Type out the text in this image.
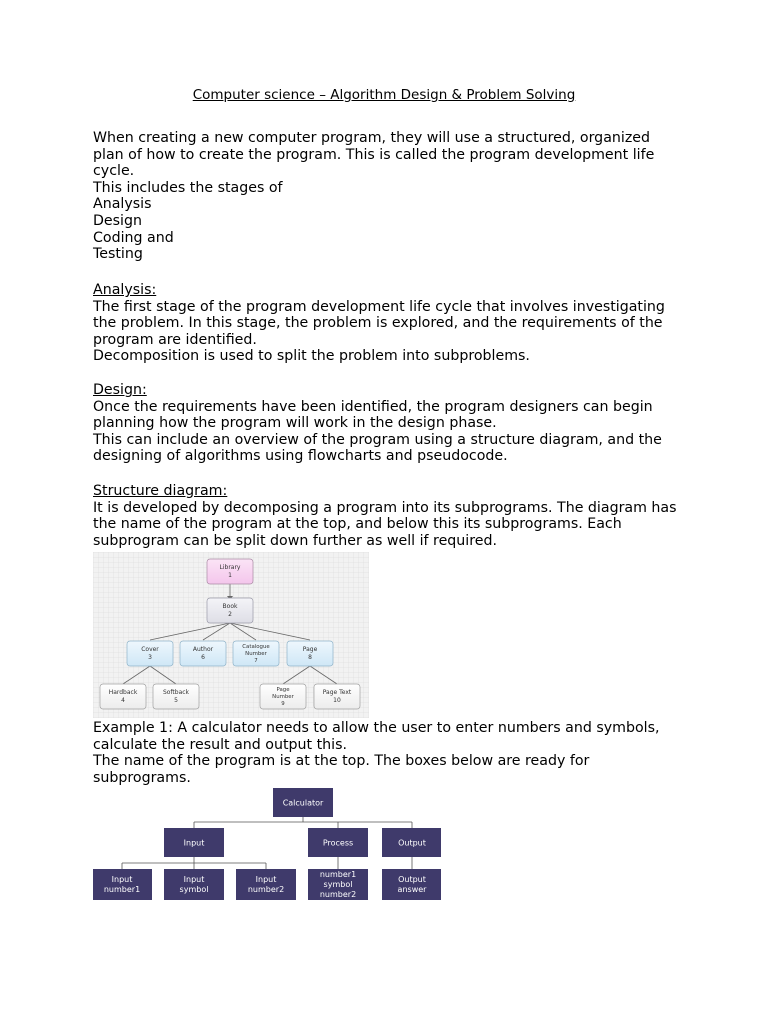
Computer science – Algorithm Design & Problem Solving

When creating a new computer program, they will use a structured, organized plan of how to create the program. This is called the program development life cycle.

This includes the stages of

Analysis

Design

Coding and

Testing

Analysis:

The first stage of the program development life cycle that involves investigating the problem. In this stage, the problem is explored, and the requirements of the program are identified.

Decomposition is used to split the problem into subproblems.

Design:

Once the requirements have been identified, the program designers can begin planning how the program will work in the design phase.

This can include an overview of the program using a structure diagram, and the designing of algorithms using flowcharts and pseudocode.

Structure diagram:

It is developed by decomposing a program into its subprograms. The diagram has the name of the program at the top, and below this its subprograms. Each subprogram can be split down further as well if required.

Library
1
Book
2
Cover
3
Author
6
Catalogue
Number
7
Page
8
Hardback
4
Softback
5
Page
Number
9
Page Text
10

Example 1: A calculator needs to allow the user to enter numbers and symbols, calculate the result and output this.

The name of the program is at the top. The boxes below are ready for subprograms.

Calculator
Input	Process	Output
Input
number1
Input
symbol
Input
number2
number1
symbol
number2
Output
answer
